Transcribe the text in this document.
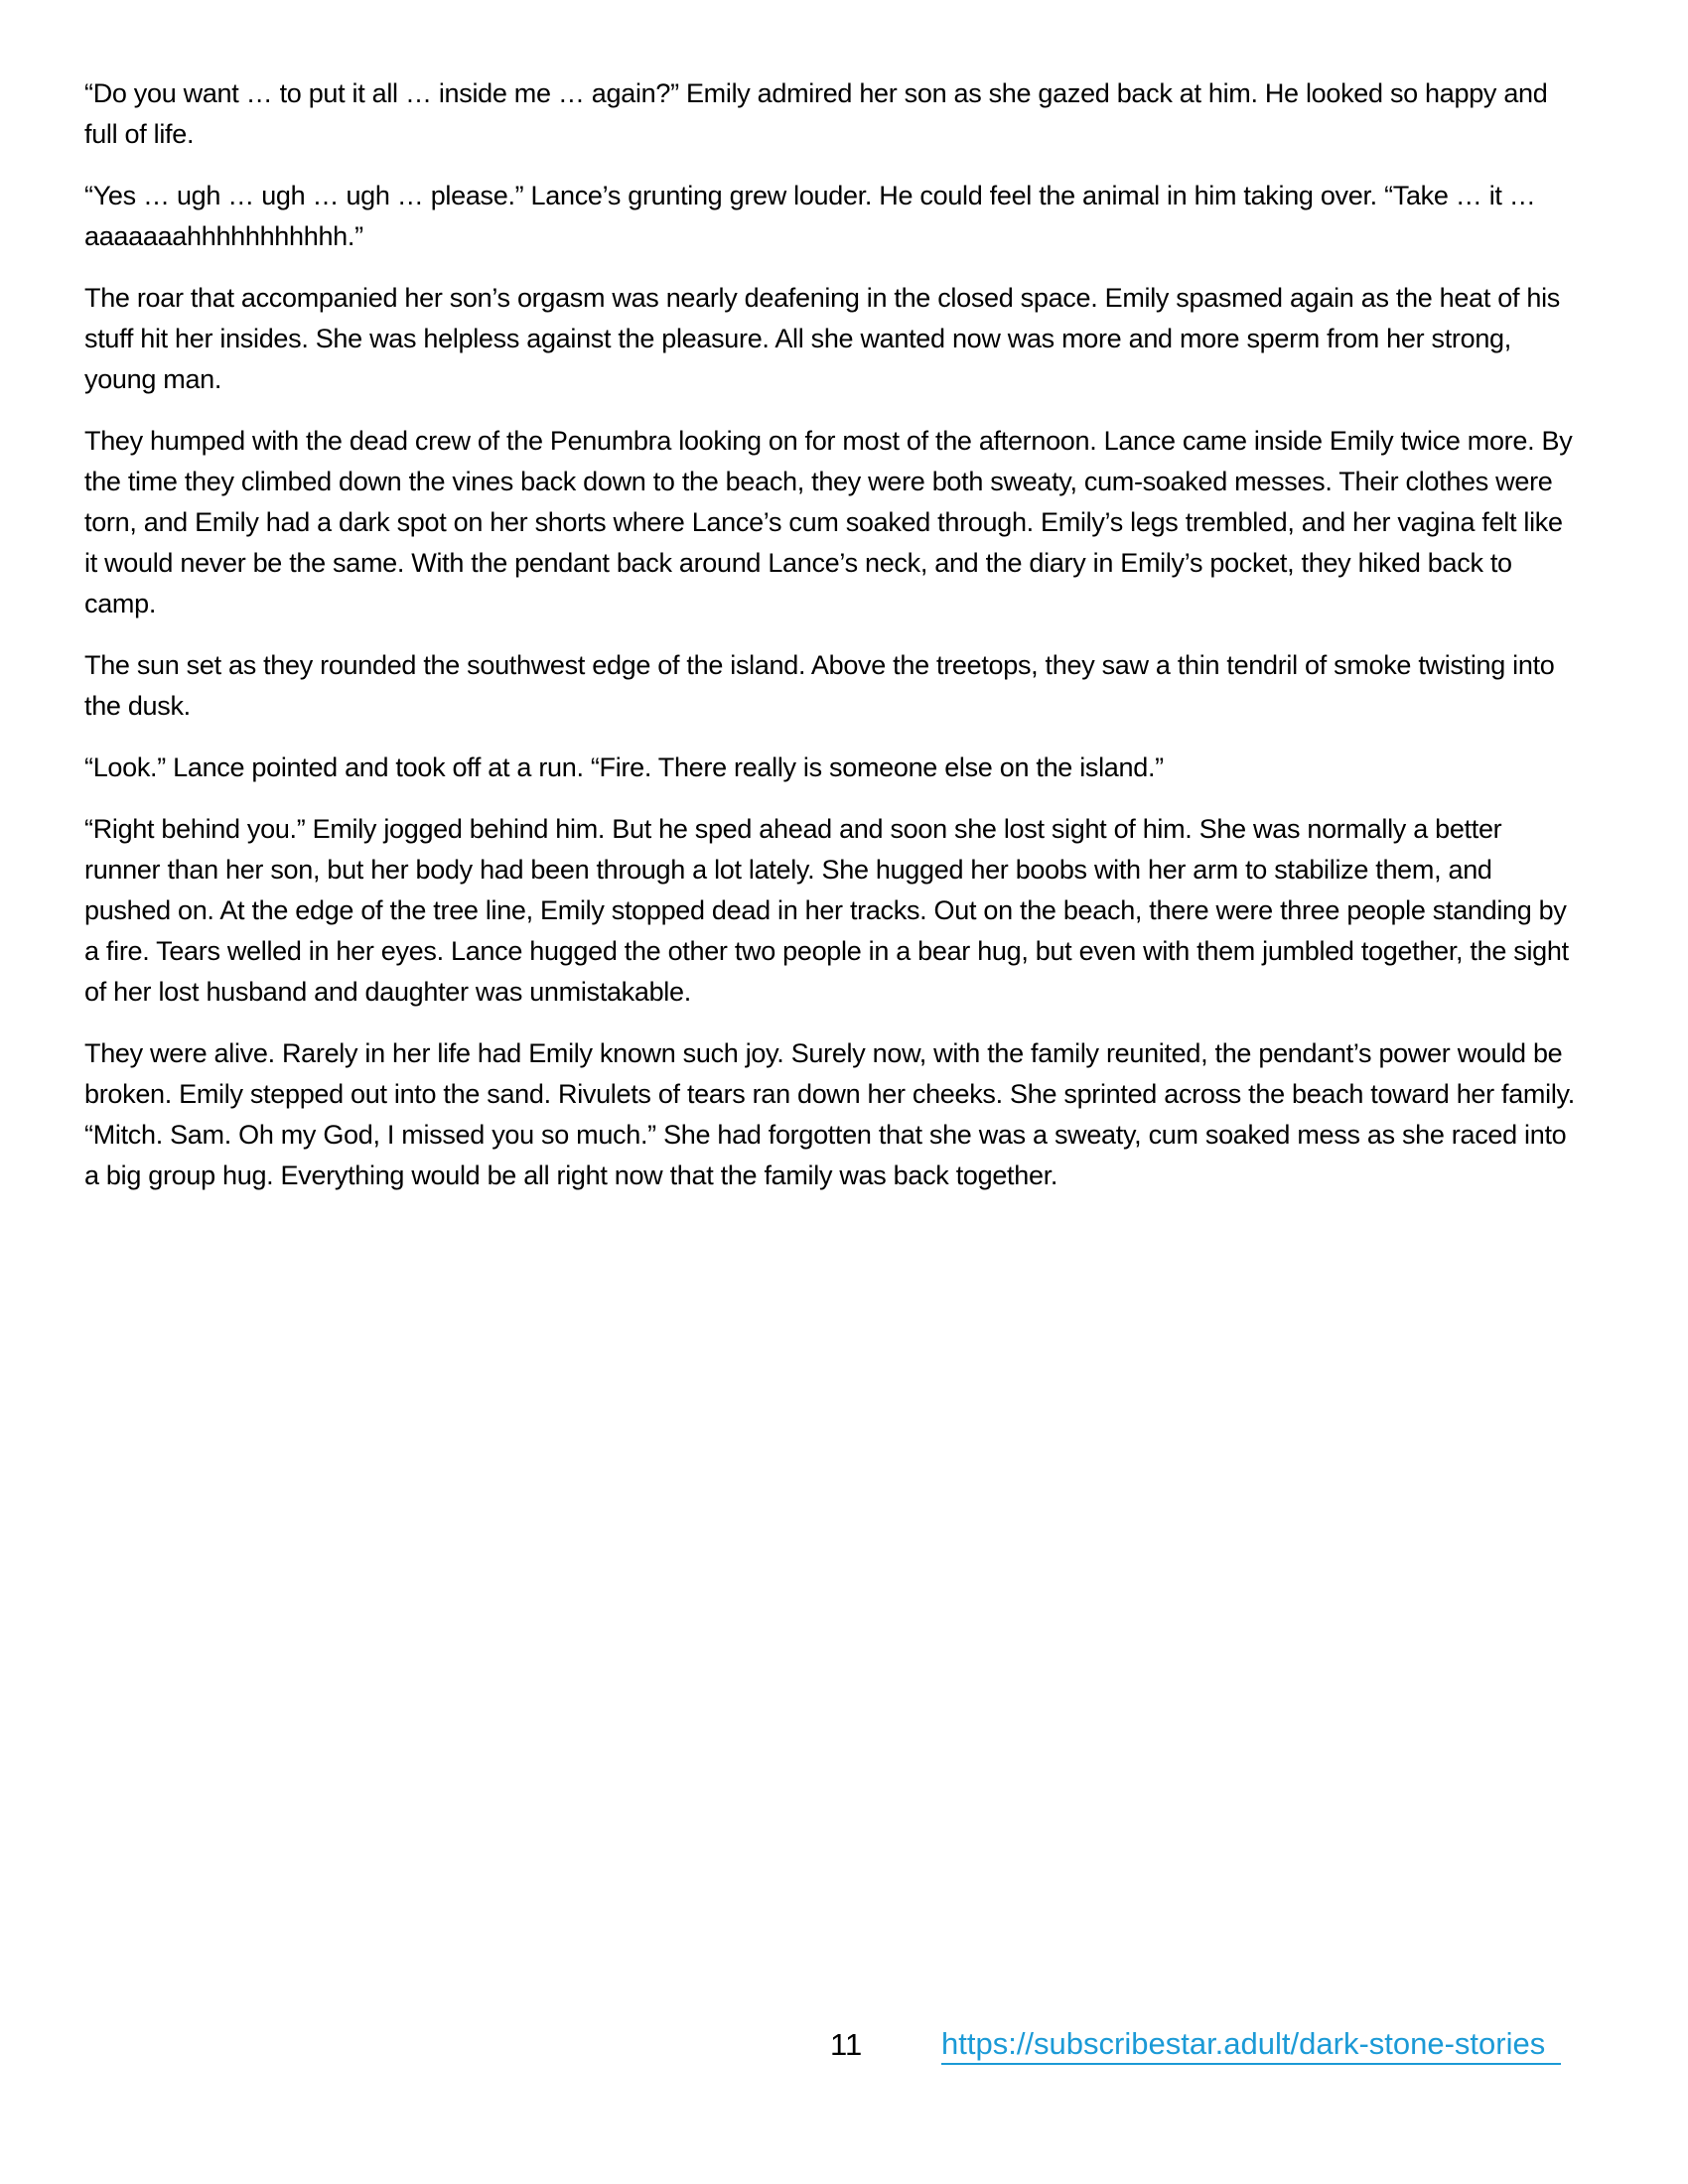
“Do you want … to put it all … inside me … again?” Emily admired her son as she gazed back at him. He looked so happy and full of life.

“Yes … ugh … ugh … ugh … please.” Lance’s grunting grew louder. He could feel the animal in him taking over. “Take … it … aaaaaaahhhhhhhhhhh.”

The roar that accompanied her son’s orgasm was nearly deafening in the closed space. Emily spasmed again as the heat of his stuff hit her insides. She was helpless against the pleasure. All she wanted now was more and more sperm from her strong, young man.

They humped with the dead crew of the Penumbra looking on for most of the afternoon. Lance came inside Emily twice more. By the time they climbed down the vines back down to the beach, they were both sweaty, cum-soaked messes. Their clothes were torn, and Emily had a dark spot on her shorts where Lance’s cum soaked through. Emily’s legs trembled, and her vagina felt like it would never be the same. With the pendant back around Lance’s neck, and the diary in Emily’s pocket, they hiked back to camp.

The sun set as they rounded the southwest edge of the island. Above the treetops, they saw a thin tendril of smoke twisting into the dusk.

“Look.” Lance pointed and took off at a run. “Fire. There really is someone else on the island.”

“Right behind you.” Emily jogged behind him. But he sped ahead and soon she lost sight of him. She was normally a better runner than her son, but her body had been through a lot lately. She hugged her boobs with her arm to stabilize them, and pushed on. At the edge of the tree line, Emily stopped dead in her tracks. Out on the beach, there were three people standing by a fire. Tears welled in her eyes. Lance hugged the other two people in a bear hug, but even with them jumbled together, the sight of her lost husband and daughter was unmistakable.

They were alive. Rarely in her life had Emily known such joy. Surely now, with the family reunited, the pendant’s power would be broken. Emily stepped out into the sand. Rivulets of tears ran down her cheeks. She sprinted across the beach toward her family. “Mitch. Sam. Oh my God, I missed you so much.” She had forgotten that she was a sweaty, cum soaked mess as she raced into a big group hug. Everything would be all right now that the family was back together.

11	https://subscribestar.adult/dark-stone-stories
